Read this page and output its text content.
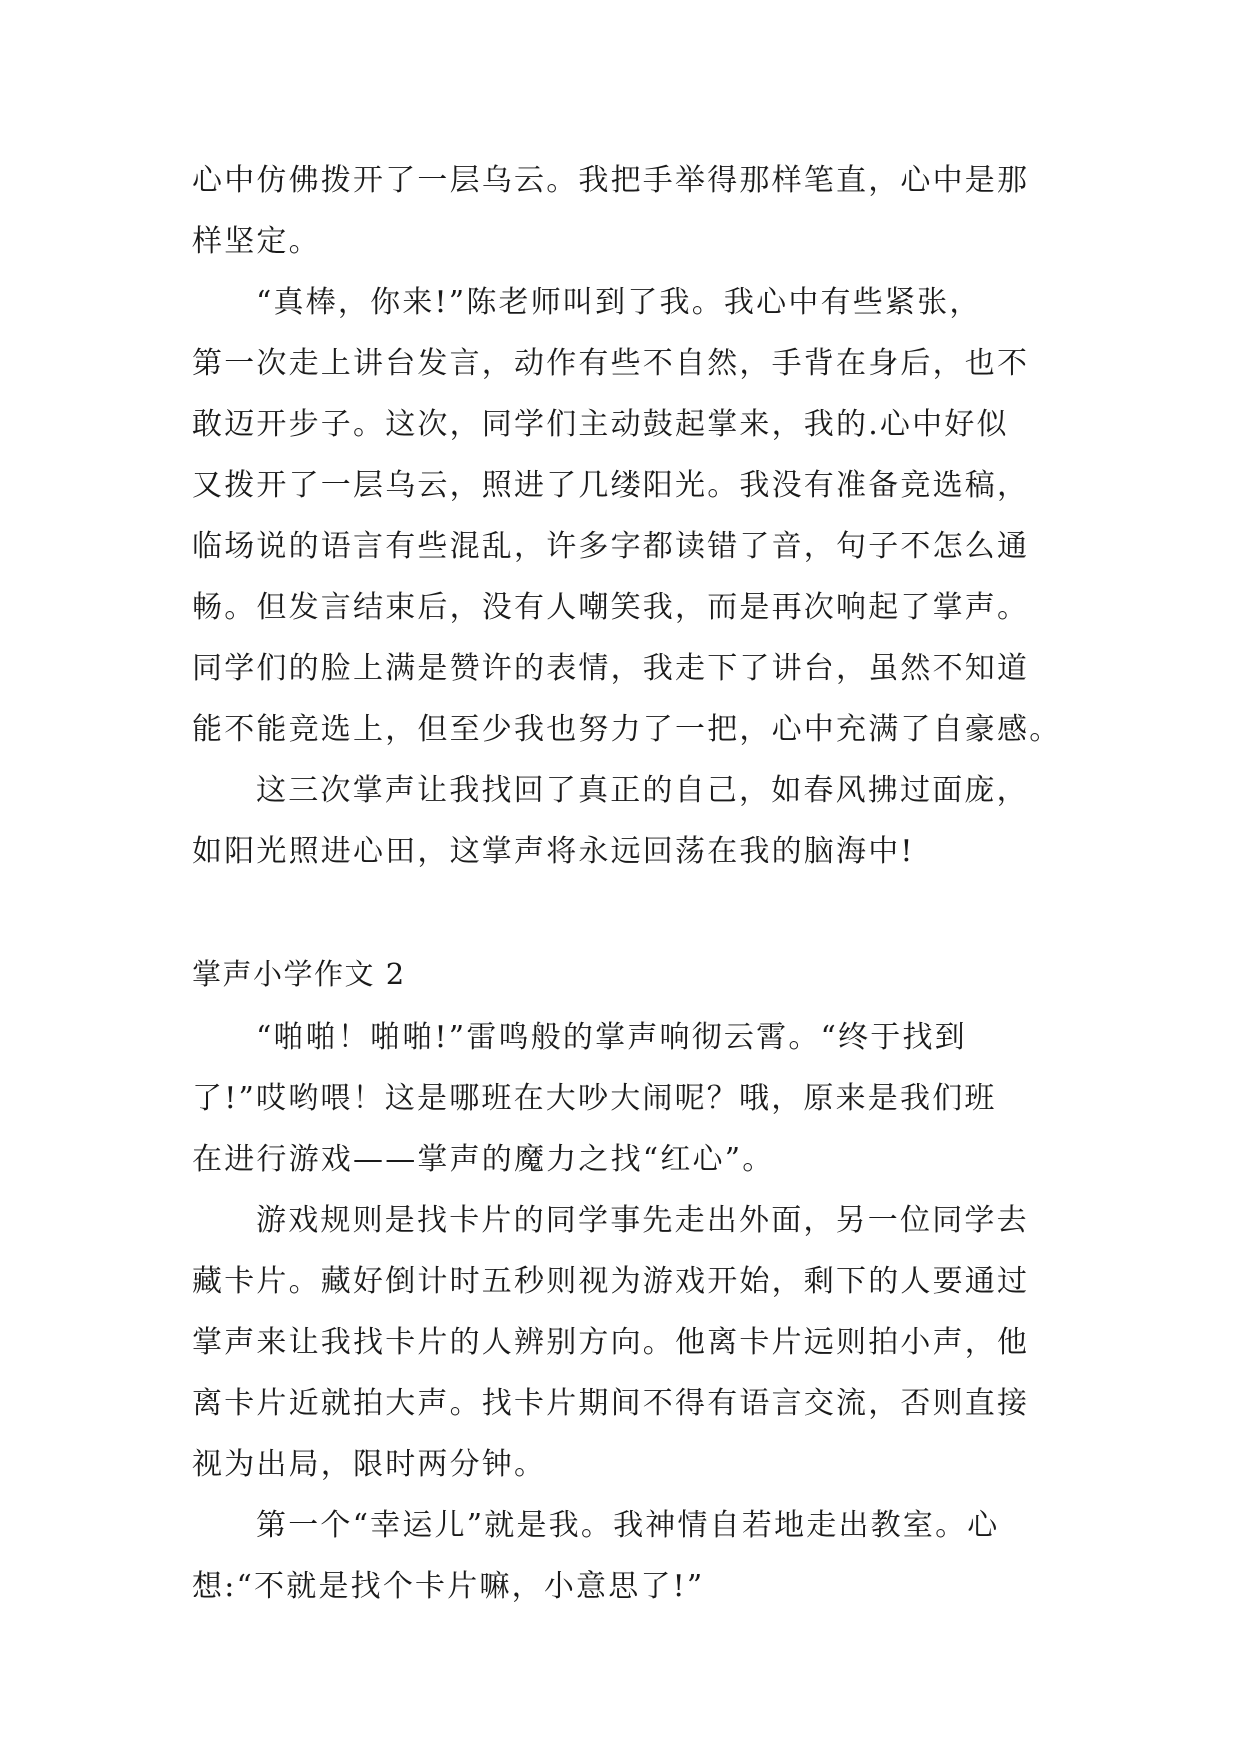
心中仿佛拨开了一层乌云。我把手举得那样笔直，心中是那
样坚定。
“真棒，你来!”陈老师叫到了我。我心中有些紧张，
第一次走上讲台发言，动作有些不自然，手背在身后，也不
敢迈开步子。这次，同学们主动鼓起掌来，我的.心中好似
又拨开了一层乌云，照进了几缕阳光。我没有准备竞选稿，
临场说的语言有些混乱，许多字都读错了音，句子不怎么通
畅。但发言结束后，没有人嘲笑我，而是再次响起了掌声。
同学们的脸上满是赞许的表情，我走下了讲台，虽然不知道
能不能竞选上，但至少我也努力了一把，心中充满了自豪感。
这三次掌声让我找回了真正的自己，如春风拂过面庞，
如阳光照进心田，这掌声将永远回荡在我的脑海中!
掌声小学作文 2
“啪啪！啪啪!”雷鸣般的掌声响彻云霄。“终于找到
了!”哎哟喂！这是哪班在大吵大闹呢？哦，原来是我们班
在进行游戏——掌声的魔力之找“红心”。
游戏规则是找卡片的同学事先走出外面，另一位同学去
藏卡片。藏好倒计时五秒则视为游戏开始，剩下的人要通过
掌声来让我找卡片的人辨别方向。他离卡片远则拍小声，他
离卡片近就拍大声。找卡片期间不得有语言交流，否则直接
视为出局，限时两分钟。
第一个“幸运儿”就是我。我神情自若地走出教室。心
想:“不就是找个卡片嘛，小意思了!”
